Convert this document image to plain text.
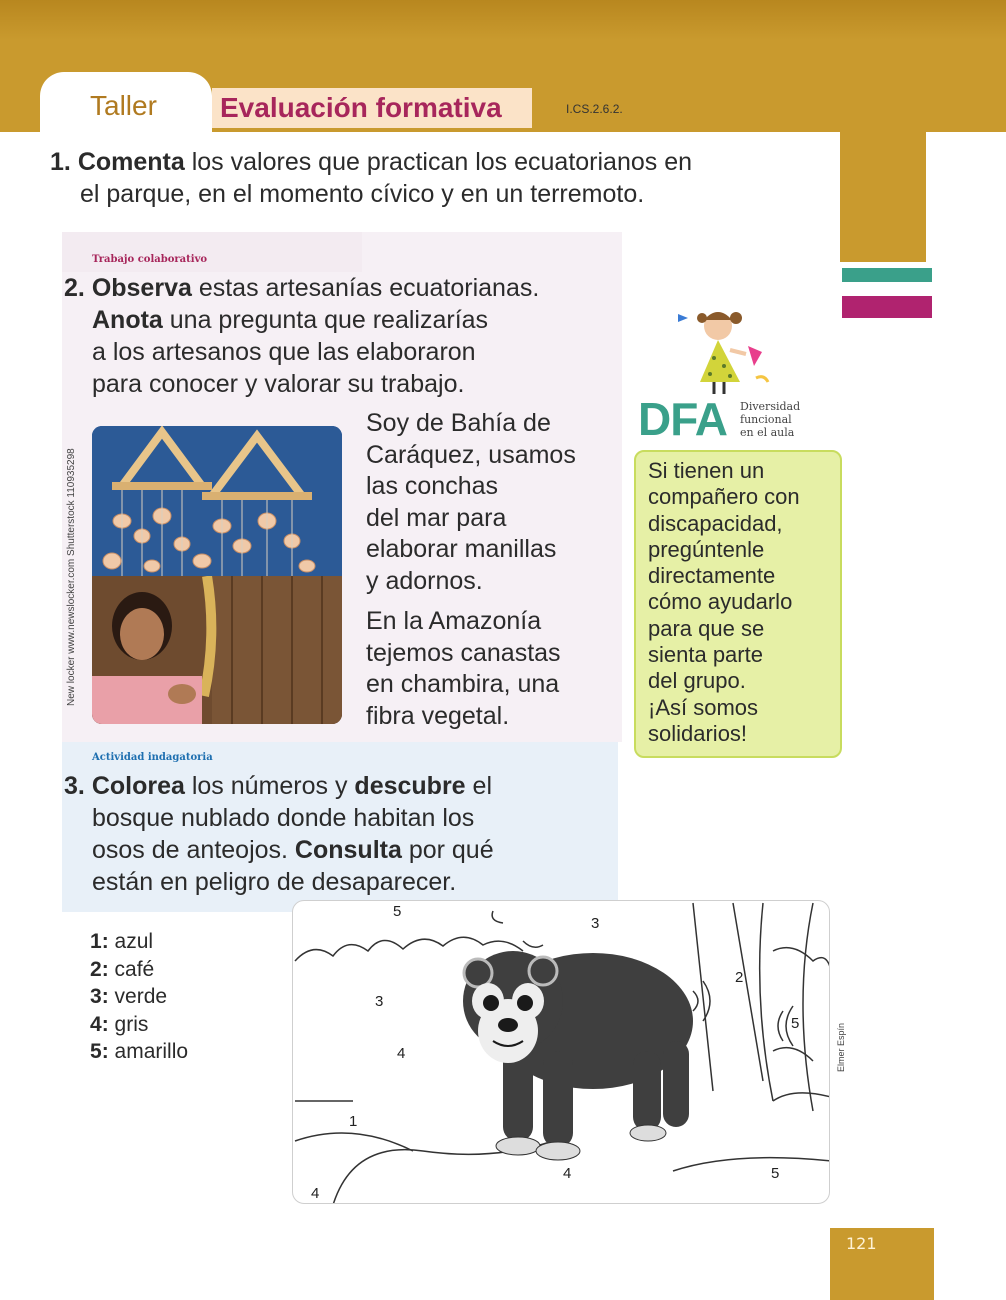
121
Taller Evaluación formativa	I.CS.2.6.2.
1. Comenta los valores que practican los ecuatorianos en
el parque, en el momento cívico y en un terremoto.
Trabajo colaborativo
2. Observa estas artesanías ecuatorianas.
Anota una pregunta que realizarías
a los artesanos que las elaboraron
para conocer y valorar su trabajo.
New locker www.newslocker.com Shutterstock 110935298

Soy de Bahía de

Caráquez, usamos

las conchas

del mar para

elaborar manillas

y adornos.

En la Amazonía

tejemos canastas

en chambira, una

fibra vegetal.

DFA Diversidad
funcional
en el aula

Si tienen un

compañero con

discapacidad,

pregúntenle

directamente

cómo ayudarlo

para que se

sienta parte

del grupo.

¡Así somos

solidarios!

Actividad indagatoria
3. Colorea los números y descubre el
bosque nublado donde habitan los
osos de anteojos. Consulta por qué
están en peligro de desaparecer.
1: azul
2: café
3: verde
4: gris
5: amarillo
5
3
3
2
5
4
1
4
4
5
Elmer Espín
